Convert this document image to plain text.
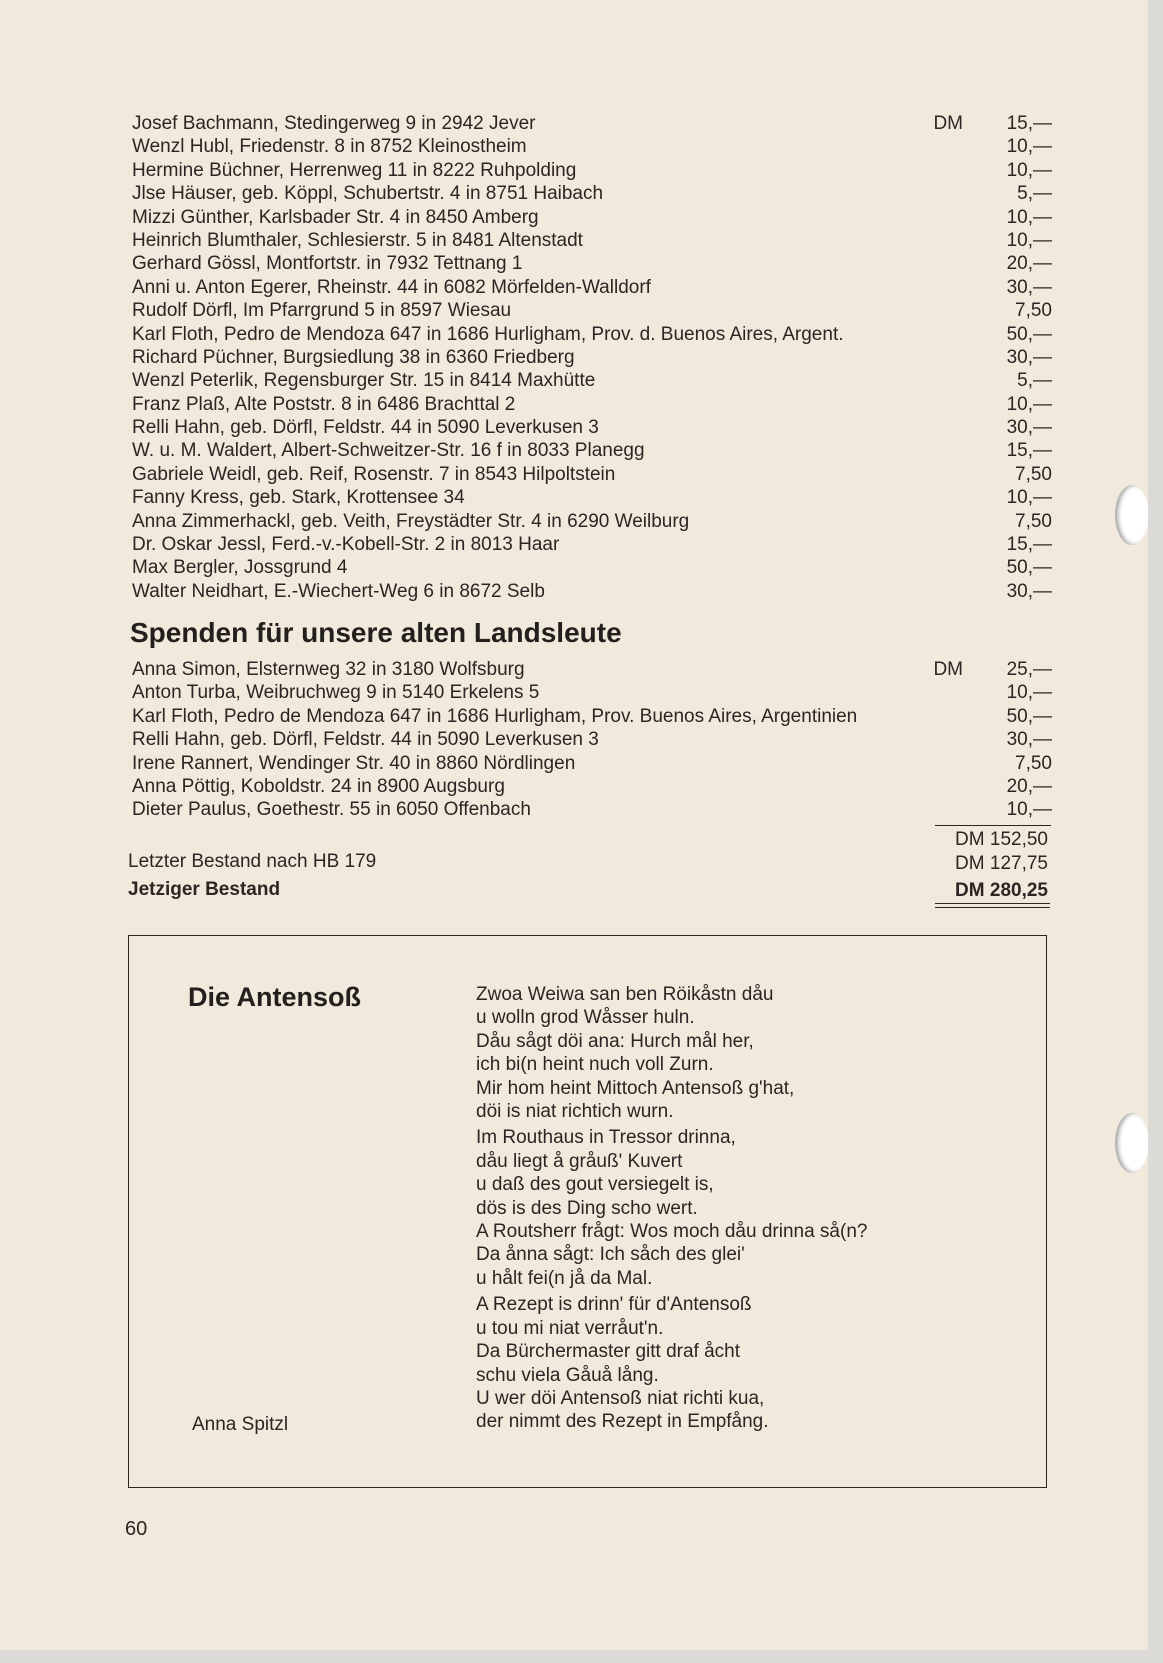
Josef Bachmann, Stedingerweg 9 in 2942 Jever	DM 15,—
Wenzl Hubl, Friedenstr. 8 in 8752 Kleinostheim	10,—
Hermine Büchner, Herrenweg 11 in 8222 Ruhpolding	10,—
Jlse Häuser, geb. Köppl, Schubertstr. 4 in 8751 Haibach	5,—
Mizzi Günther, Karlsbader Str. 4 in 8450 Amberg	10,—
Heinrich Blumthaler, Schlesierstr. 5 in 8481 Altenstadt	10,—
Gerhard Gössl, Montfortstr. in 7932 Tettnang 1	20,—
Anni u. Anton Egerer, Rheinstr. 44 in 6082 Mörfelden-Walldorf	30,—
Rudolf Dörfl, Im Pfarrgrund 5 in 8597 Wiesau	7,50
Karl Floth, Pedro de Mendoza 647 in 1686 Hurligham, Prov. d. Buenos Aires, Argent.	50,—
Richard Püchner, Burgsiedlung 38 in 6360 Friedberg	30,—
Wenzl Peterlik, Regensburger Str. 15 in 8414 Maxhütte	5,—
Franz Plaß, Alte Poststr. 8 in 6486 Brachttal 2	10,—
Relli Hahn, geb. Dörfl, Feldstr. 44 in 5090 Leverkusen 3	30,—
W. u. M. Waldert, Albert-Schweitzer-Str. 16 f in 8033 Planegg	15,—
Gabriele Weidl, geb. Reif, Rosenstr. 7 in 8543 Hilpoltstein	7,50
Fanny Kress, geb. Stark, Krottensee 34	10,—
Anna Zimmerhackl, geb. Veith, Freystädter Str. 4 in 6290 Weilburg	7,50
Dr. Oskar Jessl, Ferd.-v.-Kobell-Str. 2 in 8013 Haar	15,—
Max Bergler, Jossgrund 4	50,—
Walter Neidhart, E.-Wiechert-Weg 6 in 8672 Selb	30,—
Spenden für unsere alten Landsleute
Anna Simon, Elsternweg 32 in 3180 Wolfsburg	DM 25,—
Anton Turba, Weibruchweg 9 in 5140 Erkelens 5	10,—
Karl Floth, Pedro de Mendoza 647 in 1686 Hurligham, Prov. Buenos Aires, Argentinien	50,—
Relli Hahn, geb. Dörfl, Feldstr. 44 in 5090 Leverkusen 3	30,—
Irene Rannert, Wendinger Str. 40 in 8860 Nördlingen	7,50
Anna Pöttig, Koboldstr. 24 in 8900 Augsburg	20,—
Dieter Paulus, Goethestr. 55 in 6050 Offenbach	10,—
DM 152,50
Letzter Bestand nach HB 179	DM 127,75
Jetziger Bestand	DM 280,25
Die Antensoß	Zwoa Weiwa san ben Röikåstn dåu
u wolln grod Wåsser huln.
Dåu sågt döi ana: Hurch mål her,
ich bi(n heint nuch voll Zurn.
Mir hom heint Mittoch Antensoß g'hat,
döi is niat richtich wurn.
Im Routhaus in Tressor drinna,
dåu liegt å gråuß' Kuvert
u daß des gout versiegelt is,
dös is des Ding scho wert.
A Routsherr frågt: Wos moch dåu drinna så(n?
Da ånna sågt: Ich såch des glei'
u hålt fei(n jå da Mal.
A Rezept is drinn' für d'Antensoß
u tou mi niat verråut'n.
Da Bürchermaster gitt draf åcht
schu viela Gåuå lång.
U wer döi Antensoß niat richti kua,
der nimmt des Rezept in Empfång.
Anna Spitzl
60
